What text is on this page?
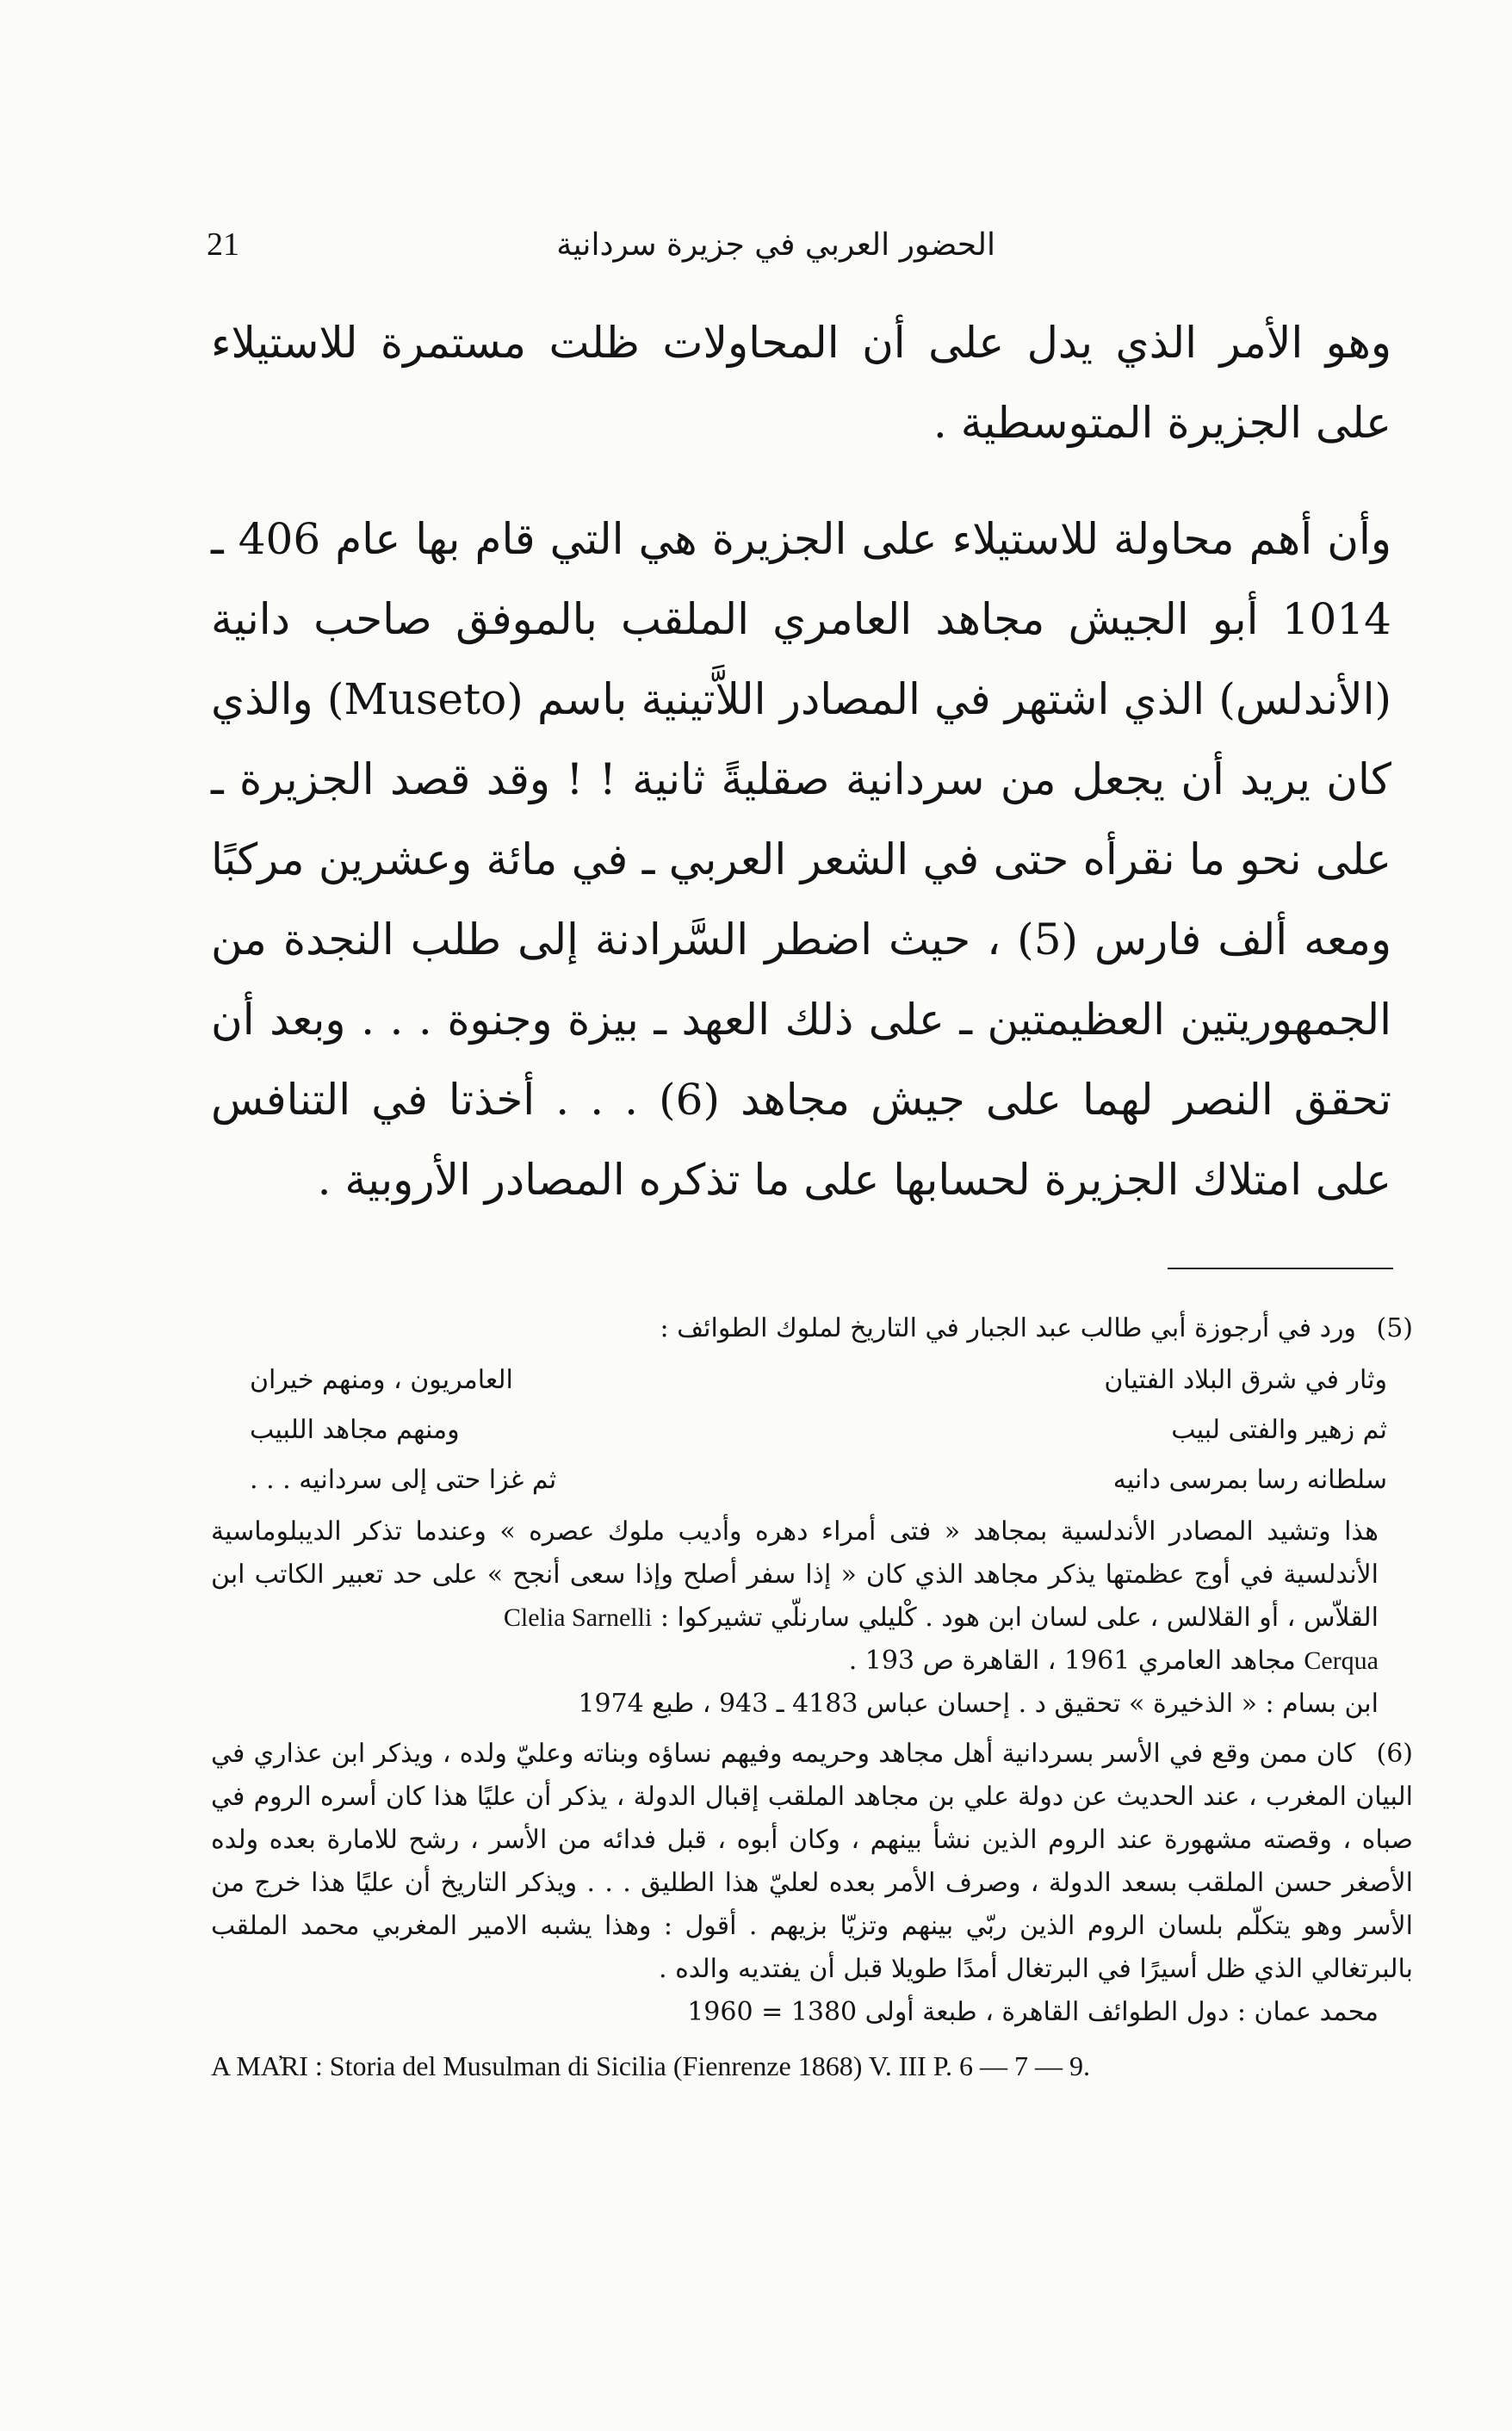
21	الحضور العربي في جزيرة سردانية

وهو الأمر الذي يدل على أن المحاولات ظلت مستمرة للاستيلاء على الجزيرة المتوسطية .

وأن أهم محاولة للاستيلاء على الجزيرة هي التي قام بها عام 406 ـ 1014 أبو الجيش مجاهد العامري الملقب بالموفق صاحب دانية (الأندلس) الذي اشتهر في المصادر اللاَّتينية باسم (Museto) والذي كان يريد أن يجعل من سردانية صقليةً ثانية ! ! وقد قصد الجزيرة ـ على نحو ما نقرأه حتى في الشعر العربي ـ في مائة وعشرين مركبًا ومعه ألف فارس (5) ، حيث اضطر السَّرادنة إلى طلب النجدة من الجمهوريتين العظيمتين ـ على ذلك العهد ـ بيزة وجنوة . . . وبعد أن تحقق النصر لهما على جيش مجاهد (6) . . . أخذتا في التنافس على امتلاك الجزيرة لحسابها على ما تذكره المصادر الأروبية .

(5) ورد في أرجوزة أبي طالب عبد الجبار في التاريخ لملوك الطوائف :
وثار في شرق البلاد الفتيان
العامريون ، ومنهم خيران
ثم زهير والفتى لبيب
ومنهم مجاهد اللبيب
سلطانه رسا بمرسى دانيه
ثم غزا حتى إلى سردانيه . . .
هذا وتشيد المصادر الأندلسية بمجاهد « فتى أمراء دهره وأديب ملوك عصره » وعندما تذكر الديبلوماسية الأندلسية في أوج عظمتها يذكر مجاهد الذي كان « إذا سفر أصلح وإذا سعى أنجح » على حد تعبير الكاتب ابن القلاّس ، أو القلالس ، على لسان ابن هود . كْليلي سارنلّي تشيركوا : Clelia Sarnelli
Cerqua مجاهد العامري 1961 ، القاهرة ص 193 .
ابن بسام : « الذخيرة » تحقيق د . إحسان عباس 4183 ـ 943 ، طبع 1974
(6) كان ممن وقع في الأسر بسردانية أهل مجاهد وحريمه وفيهم نساؤه وبناته وعليّ ولده ، ويذكر ابن عذاري في البيان المغرب ، عند الحديث عن دولة علي بن مجاهد الملقب إقبال الدولة ، يذكر أن عليًا هذا كان أسره الروم في صباه ، وقصته مشهورة عند الروم الذين نشأ بينهم ، وكان أبوه ، قبل فدائه من الأسر ، رشح للامارة بعده ولده الأصغر حسن الملقب بسعد الدولة ، وصرف الأمر بعده لعليّ هذا الطليق . . . ويذكر التاريخ أن عليًا هذا خرج من الأسر وهو يتكلّم بلسان الروم الذين ربّي بينهم وتزيّا بزيهم . أقول : وهذا يشبه الامير المغربي محمد الملقب بالبرتغالي الذي ظل أسيرًا في البرتغال أمدًا طويلا قبل أن يفتديه والده .
محمد عمان : دول الطوائف القاهرة ، طبعة أولى 1380 = 1960
A MA̓RI : Storia del Musulman di Sicilia (Fienrenze 1868) V. III P. 6 — 7 — 9.
